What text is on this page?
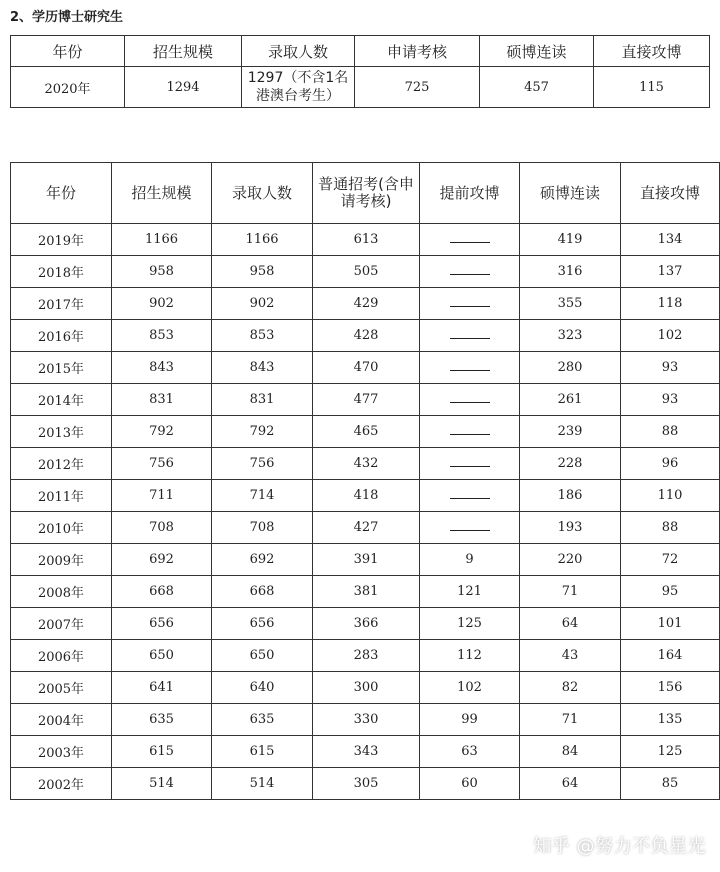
2、学历博士研究生
年份	招生规模	录取人数	申请考核	硕博连读	直接攻博
2020年	1294	1297（不含1名港澳台考生）	725	457	115
年份	招生规模	录取人数	普通招考(含申请考核)	提前攻博	硕博连读	直接攻博
2019年	1166	1166	613		419	134
2018年	958	958	505		316	137
2017年	902	902	429		355	118
2016年	853	853	428		323	102
2015年	843	843	470		280	93
2014年	831	831	477		261	93
2013年	792	792	465		239	88
2012年	756	756	432		228	96
2011年	711	714	418		186	110
2010年	708	708	427		193	88
2009年	692	692	391	9	220	72
2008年	668	668	381	121	71	95
2007年	656	656	366	125	64	101
2006年	650	650	283	112	43	164
2005年	641	640	300	102	82	156
2004年	635	635	330	99	71	135
2003年	615	615	343	63	84	125
2002年	514	514	305	60	64	85
知乎 @努力不负星光
